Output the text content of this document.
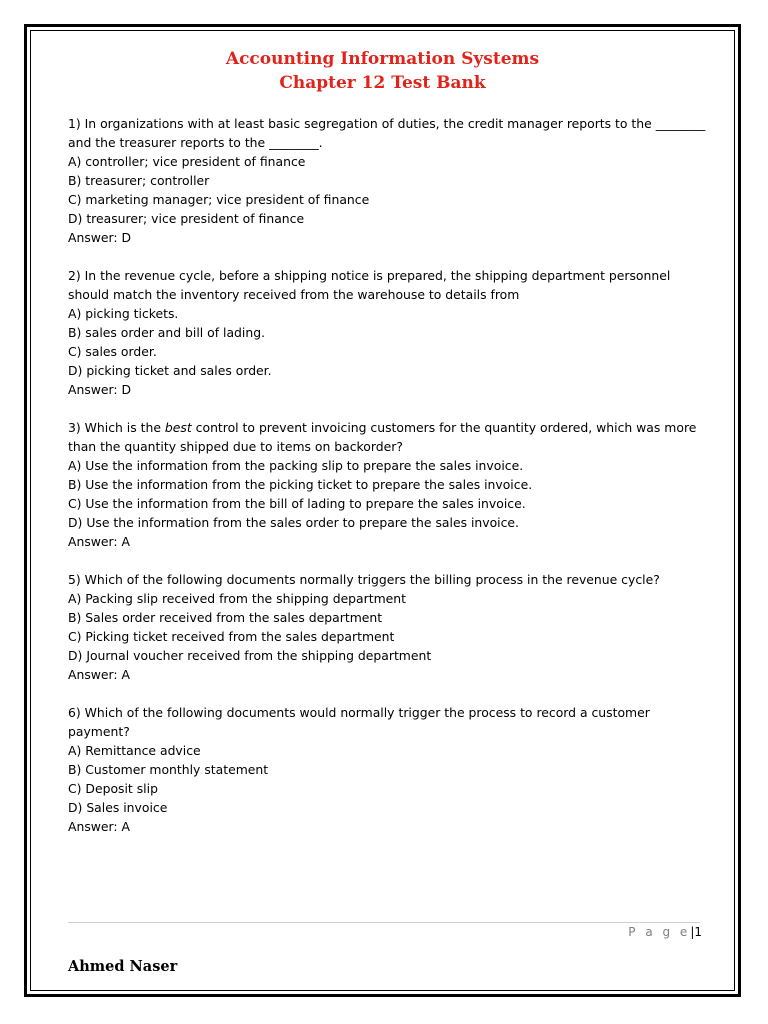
Accounting Information Systems
Chapter 12 Test Bank
1) In organizations with at least basic segregation of duties, the credit manager reports to the ________
and the treasurer reports to the ________.
A) controller; vice president of finance
B) treasurer; controller
C) marketing manager; vice president of finance
D) treasurer; vice president of finance
Answer: D
2) In the revenue cycle, before a shipping notice is prepared, the shipping department personnel
should match the inventory received from the warehouse to details from
A) picking tickets.
B) sales order and bill of lading.
C) sales order.
D) picking ticket and sales order.
Answer: D
3) Which is the best control to prevent invoicing customers for the quantity ordered, which was more
than the quantity shipped due to items on backorder?
A) Use the information from the packing slip to prepare the sales invoice.
B) Use the information from the picking ticket to prepare the sales invoice.
C) Use the information from the bill of lading to prepare the sales invoice.
D) Use the information from the sales order to prepare the sales invoice.
Answer: A
5) Which of the following documents normally triggers the billing process in the revenue cycle?
A) Packing slip received from the shipping department
B) Sales order received from the sales department
C) Picking ticket received from the sales department
D) Journal voucher received from the shipping department
Answer: A
6) Which of the following documents would normally trigger the process to record a customer
payment?
A) Remittance advice
B) Customer monthly statement
C) Deposit slip
D) Sales invoice
Answer: A
P a g e|1
Ahmed Naser
